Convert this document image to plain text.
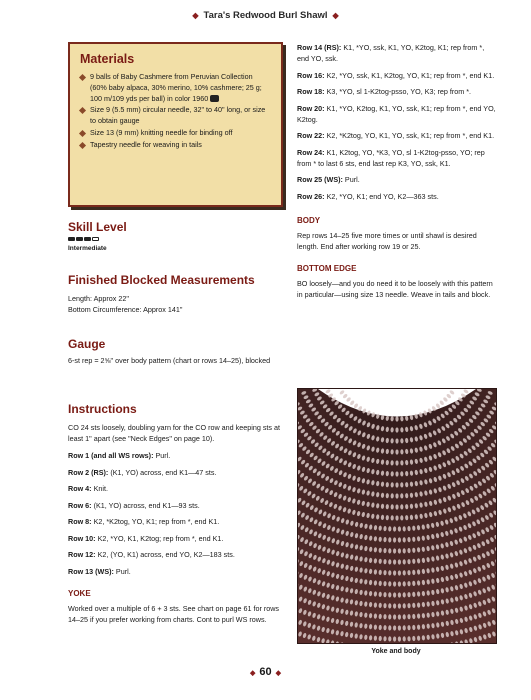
◆ Tara's Redwood Burl Shawl ◆
Materials
9 balls of Baby Cashmere from Peruvian Collection (60% baby alpaca, 30% merino, 10% cashmere; 25 g; 100 m/109 yds per ball) in color 1960
Size 9 (5.5 mm) circular needle, 32" to 40" long, or size to obtain gauge
Size 13 (9 mm) knitting needle for binding off
Tapestry needle for weaving in tails
Skill Level
Intermediate
Finished Blocked Measurements

Length: Approx 22"

Bottom Circumference: Approx 141"

Gauge

6-st rep = 2⅝" over body pattern (chart or rows 14–25), blocked

Instructions

CO 24 sts loosely, doubling yarn for the CO row and keeping sts at least 1" apart (see "Neck Edges" on page 10).

Row 1 (and all WS rows): Purl.

Row 2 (RS): (K1, YO) across, end K1—47 sts.

Row 4: Knit.

Row 6: (K1, YO) across, end K1—93 sts.

Row 8: K2, *K2tog, YO, K1; rep from *, end K1.

Row 10: K2, *YO, K1, K2tog; rep from *, end K1.

Row 12: K2, (YO, K1) across, end YO, K2—183 sts.

Row 13 (WS): Purl.

YOKE

Worked over a multiple of 6 + 3 sts. See chart on page 61 for rows 14–25 if you prefer working from charts. Cont to purl WS rows.

Row 14 (RS): K1, *YO, ssk, K1, YO, K2tog, K1; rep from *, end YO, ssk.

Row 16: K2, *YO, ssk, K1, K2tog, YO, K1; rep from *, end K1.

Row 18: K3, *YO, sl 1-K2tog-psso, YO, K3; rep from *.

Row 20: K1, *YO, K2tog, K1, YO, ssk, K1; rep from *, end YO, K2tog.

Row 22: K2, *K2tog, YO, K1, YO, ssk, K1; rep from *, end K1.

Row 24: K1, K2tog, YO, *K3, YO, sl 1-K2tog-psso, YO; rep from * to last 6 sts, end last rep K3, YO, ssk, K1.

Row 25 (WS): Purl.

Row 26: K2, *YO, K1; end YO, K2—363 sts.

BODY

Rep rows 14–25 five more times or until shawl is desired length. End after working row 19 or 25.

BOTTOM EDGE

BO loosely—and you do need it to be loosely with this pattern in particular—using size 13 needle. Weave in tails and block.

Yoke and body
◆ 60 ◆
